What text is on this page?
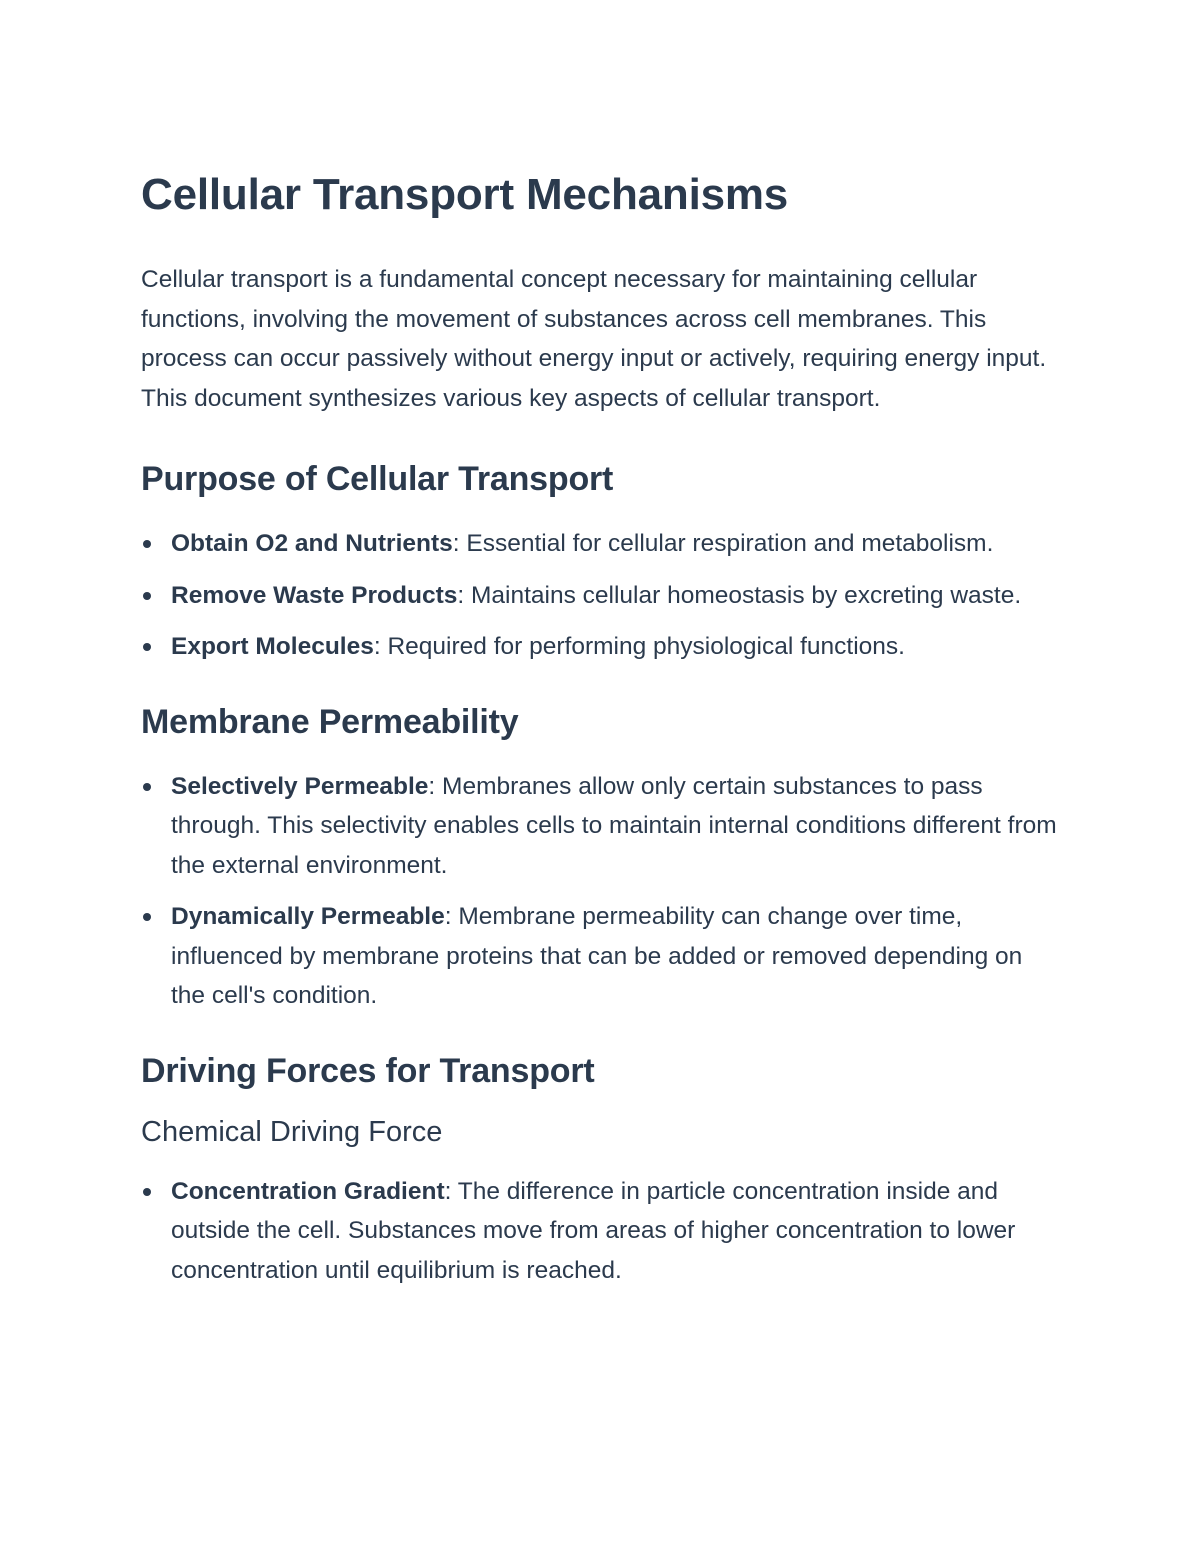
Cellular Transport Mechanisms

Cellular transport is a fundamental concept necessary for maintaining cellular functions, involving the movement of substances across cell membranes. This process can occur passively without energy input or actively, requiring energy input. This document synthesizes various key aspects of cellular transport.

Purpose of Cellular Transport
Obtain O2 and Nutrients: Essential for cellular respiration and metabolism.
Remove Waste Products: Maintains cellular homeostasis by excreting waste.
Export Molecules: Required for performing physiological functions.
Membrane Permeability
Selectively Permeable: Membranes allow only certain substances to pass through. This selectivity enables cells to maintain internal conditions different from the external environment.
Dynamically Permeable: Membrane permeability can change over time, influenced by membrane proteins that can be added or removed depending on the cell's condition.
Driving Forces for Transport
Chemical Driving Force
Concentration Gradient: The difference in particle concentration inside and outside the cell. Substances move from areas of higher concentration to lower concentration until equilibrium is reached.
